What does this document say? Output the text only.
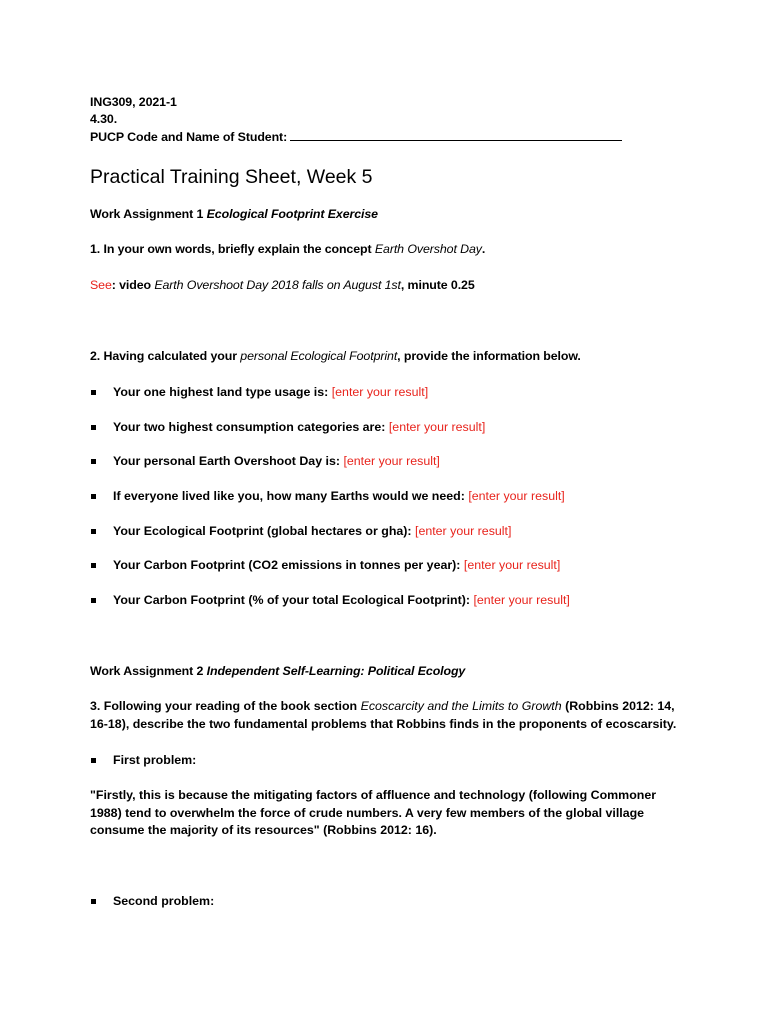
ING309, 2021-1
4.30.
PUCP Code and Name of Student:
Practical Training Sheet, Week 5
Work Assignment 1 Ecological Footprint Exercise
1. In your own words, briefly explain the concept Earth Overshot Day.
See: video Earth Overshoot Day 2018 falls on August 1st, minute 0.25
2. Having calculated your personal Ecological Footprint, provide the information below.
Your one highest land type usage is: [enter your result]
Your two highest consumption categories are: [enter your result]
Your personal Earth Overshoot Day is: [enter your result]
If everyone lived like you, how many Earths would we need: [enter your result]
Your Ecological Footprint (global hectares or gha): [enter your result]
Your Carbon Footprint (CO2 emissions in tonnes per year): [enter your result]
Your Carbon Footprint (% of your total Ecological Footprint): [enter your result]
Work Assignment 2 Independent Self-Learning: Political Ecology
3. Following your reading of the book section Ecoscarcity and the Limits to Growth (Robbins 2012: 14, 16-18), describe the two fundamental problems that Robbins finds in the proponents of ecoscarsity.
First problem:
"Firstly, this is because the mitigating factors of affluence and technology (following Commoner 1988) tend to overwhelm the force of crude numbers. A very few members of the global village consume the majority of its resources" (Robbins 2012: 16).
Second problem:
